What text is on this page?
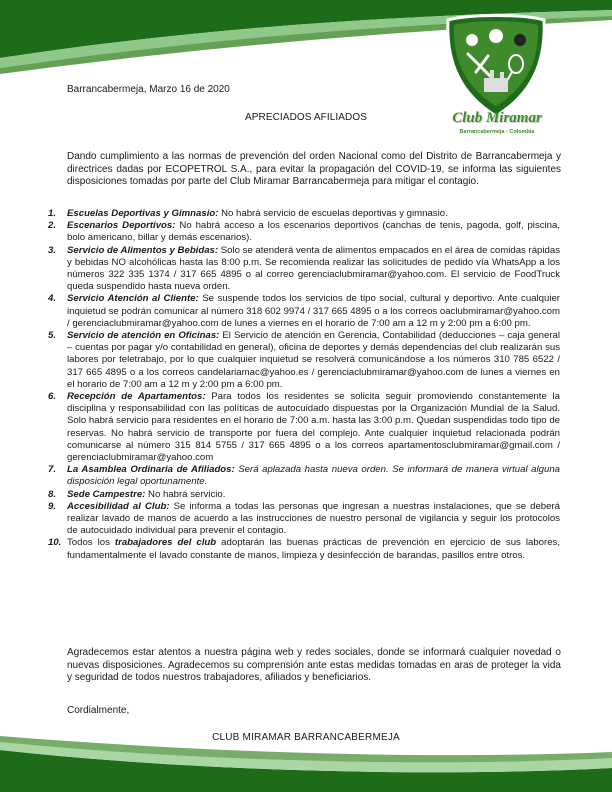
Club Miramar
Barrancabermeja - Colombia
Barrancabermeja, Marzo 16 de 2020
APRECIADOS AFILIADOS
Dando cumplimiento a las normas de prevención del orden Nacional como del Distrito de Barrancabermeja y directrices dadas por ECOPETROL S.A., para evitar la propagación del COVID-19, se informa las siguientes disposiciones tomadas por parte del Club Miramar Barrancabermeja para mitigar el contagio.
1. Escuelas Deportivas y Gimnasio: No habrá servicio de escuelas deportivas y gimnasio.
2. Escenarios Deportivos: No habrá acceso a los escenarios deportivos (canchas de tenis, pagoda, golf, piscina, bolo americano, billar y demás escenarios).
3. Servicio de Alimentos y Bebidas: Solo se atenderá venta de alimentos empacados en el área de comidas rápidas y bebidas NO alcohólicas hasta las 8:00 p.m. Se recomienda realizar las solicitudes de pedido vía WhatsApp a los números 322 335 1374 / 317 665 4895 o al correo gerenciaclubmiramar@yahoo.com. El servicio de FoodTruck queda suspendido hasta nueva orden.
4. Servicio Atención al Cliente: Se suspende todos los servicios de tipo social, cultural y deportivo. Ante cualquier inquietud se podrán comunicar al número 318 602 9974 / 317 665 4895 o a los correos oaclubmiramar@yahoo.com / gerenciaclubmiramar@yahoo.com de lunes a viernes en el horario de 7:00 am a 12 m y 2:00 pm a 6:00 pm.
5. Servicio de atención en Oficinas: El Servicio de atención en Gerencia, Contabilidad (deducciones – caja general – cuentas por pagar y/o contabilidad en general), oficina de deportes y demás dependencias del club realizarán sus labores por teletrabajo, por lo que cualquier inquietud se resolverá comunicándose a los números 310 785 6522 / 317 665 4895 o a los correos candelariamac@yahoo.es / gerenciaclubmiramar@yahoo.com de lunes a viernes en el horario de 7:00 am a 12 m y 2:00 pm a 6:00 pm.
6. Recepción de Apartamentos: Para todos los residentes se solicita seguir promoviendo constantemente la disciplina y responsabilidad con las políticas de autocuidado dispuestas por la Organización Mundial de la Salud. Solo habrá servicio para residentes en el horario de 7:00 a.m. hasta las 3:00 p.m. Quedan suspendidas todo tipo de reservas. No habrá servicio de transporte por fuera del complejo. Ante cualquier inquietud relacionada podrán comunicarse al número 315 814 5755 / 317 665 4895 o a los correos apartamentosclubmiramar@gmail.com / gerenciaclubmiramar@yahoo.com
7. La Asamblea Ordinaria de Afiliados: Será aplazada hasta nueva orden. Se informará de manera virtual alguna disposición legal oportunamente.
8. Sede Campestre: No habrá servicio.
9. Accesibilidad al Club: Se informa a todas las personas que ingresan a nuestras instalaciones, que se deberá realizar lavado de manos de acuerdo a las instrucciones de nuestro personal de vigilancia y seguir los protocolos de autocuidado individual para prevenir el contagio.
10. Todos los trabajadores del club adoptarán las buenas prácticas de prevención en ejercicio de sus labores, fundamentalmente el lavado constante de manos, limpieza y desinfección de barandas, pasillos entre otros.
Agradecemos estar atentos a nuestra página web y redes sociales, donde se informará cualquier novedad o nuevas disposiciones. Agradecemos su comprensión ante estas medidas tomadas en aras de proteger la vida y seguridad de todos nuestros trabajadores, afiliados y beneficiarios.
Cordialmente,
CLUB MIRAMAR BARRANCABERMEJA
